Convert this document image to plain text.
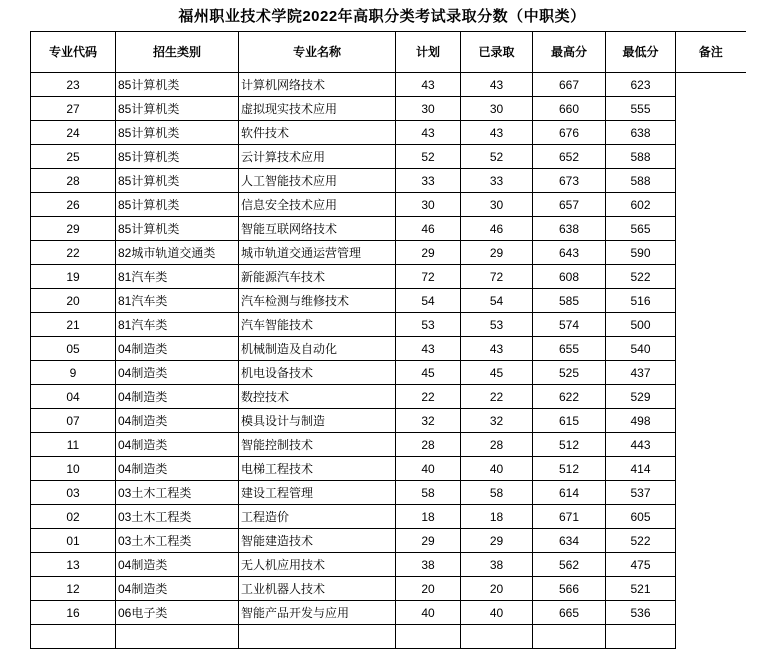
福州职业技术学院2022年高职分类考试录取分数（中职类）
专业代码	招生类别	专业名称	计划	已录取	最高分	最低分	备注
23	85计算机类	计算机网络技术	43	43	667	623	
27	85计算机类	虚拟现实技术应用	30	30	660	555	
24	85计算机类	软件技术	43	43	676	638	
25	85计算机类	云计算技术应用	52	52	652	588	
28	85计算机类	人工智能技术应用	33	33	673	588	
26	85计算机类	信息安全技术应用	30	30	657	602	
29	85计算机类	智能互联网络技术	46	46	638	565	
22	82城市轨道交通类	城市轨道交通运营管理	29	29	643	590	
19	81汽车类	新能源汽车技术	72	72	608	522	
20	81汽车类	汽车检测与维修技术	54	54	585	516	
21	81汽车类	汽车智能技术	53	53	574	500	
05	04制造类	机械制造及自动化	43	43	655	540	
9	04制造类	机电设备技术	45	45	525	437	
04	04制造类	数控技术	22	22	622	529	
07	04制造类	模具设计与制造	32	32	615	498	
11	04制造类	智能控制技术	28	28	512	443	
10	04制造类	电梯工程技术	40	40	512	414	
03	03土木工程类	建设工程管理	58	58	614	537	
02	03土木工程类	工程造价	18	18	671	605	
01	03土木工程类	智能建造技术	29	29	634	522	
13	04制造类	无人机应用技术	38	38	562	475	
12	04制造类	工业机器人技术	20	20	566	521	
16	06电子类	智能产品开发与应用	40	40	665	536	
